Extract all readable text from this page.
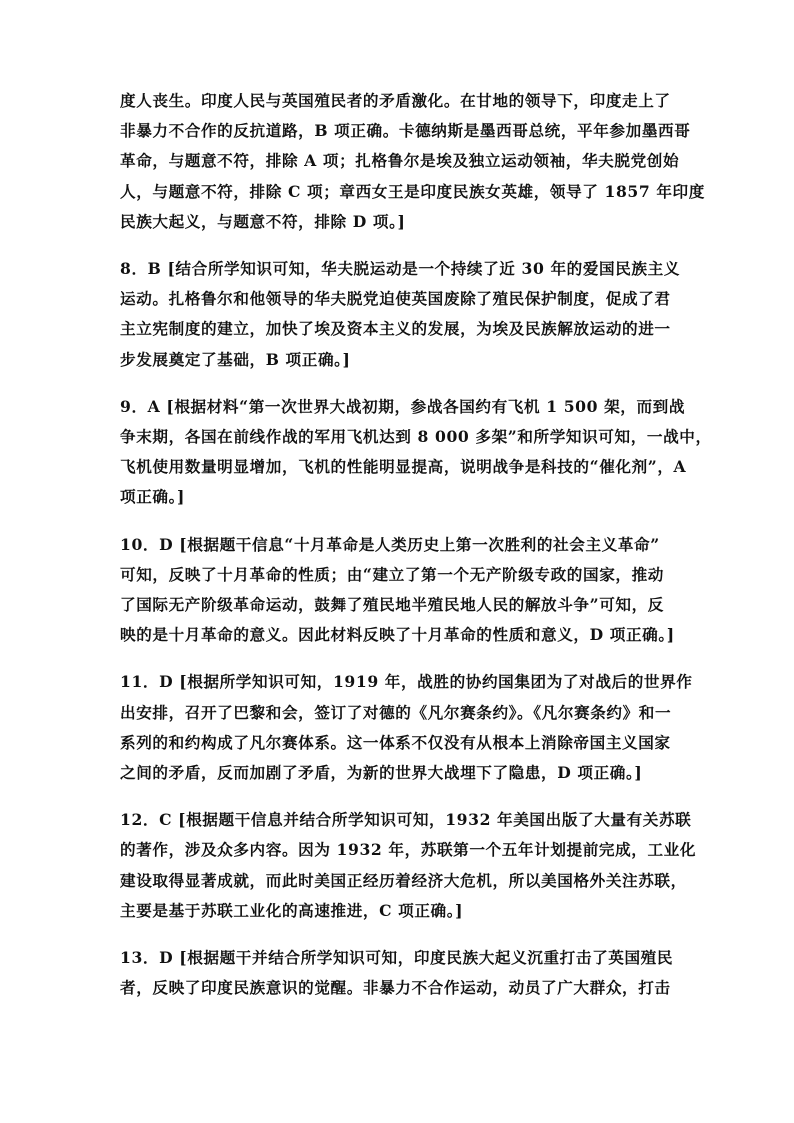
度人丧生。印度人民与英国殖民者的矛盾激化。在甘地的领导下，印度走上了
非暴力不合作的反抗道路，B 项正确。卡德纳斯是墨西哥总统，平年参加墨西哥
革命，与题意不符，排除 A 项；扎格鲁尔是埃及独立运动领袖，华夫脱党创始
人，与题意不符，排除 C 项；章西女王是印度民族女英雄，领导了 1857 年印度
民族大起义，与题意不符，排除 D 项。]

8．B [结合所学知识可知，华夫脱运动是一个持续了近 30 年的爱国民族主义
运动。扎格鲁尔和他领导的华夫脱党迫使英国废除了殖民保护制度，促成了君
主立宪制度的建立，加快了埃及资本主义的发展，为埃及民族解放运动的进一
步发展奠定了基础，B 项正确。]

9．A [根据材料“第一次世界大战初期，参战各国约有飞机 1 500 架，而到战
争末期，各国在前线作战的军用飞机达到 8 000 多架”和所学知识可知，一战中，
飞机使用数量明显增加，飞机的性能明显提高，说明战争是科技的“催化剂”，A
项正确。]

10．D [根据题干信息“十月革命是人类历史上第一次胜利的社会主义革命”
可知，反映了十月革命的性质；由“建立了第一个无产阶级专政的国家，推动
了国际无产阶级革命运动，鼓舞了殖民地半殖民地人民的解放斗争”可知，反
映的是十月革命的意义。因此材料反映了十月革命的性质和意义，D 项正确。]

11．D [根据所学知识可知，1919 年，战胜的协约国集团为了对战后的世界作
出安排，召开了巴黎和会，签订了对德的《凡尔赛条约》。《凡尔赛条约》和一
系列的和约构成了凡尔赛体系。这一体系不仅没有从根本上消除帝国主义国家
之间的矛盾，反而加剧了矛盾，为新的世界大战埋下了隐患，D 项正确。]

12．C [根据题干信息并结合所学知识可知，1932 年美国出版了大量有关苏联
的著作，涉及众多内容。因为 1932 年，苏联第一个五年计划提前完成，工业化
建设取得显著成就，而此时美国正经历着经济大危机，所以美国格外关注苏联，
主要是基于苏联工业化的高速推进，C 项正确。]

13．D [根据题干并结合所学知识可知，印度民族大起义沉重打击了英国殖民
者，反映了印度民族意识的觉醒。非暴力不合作运动，动员了广大群众，打击
